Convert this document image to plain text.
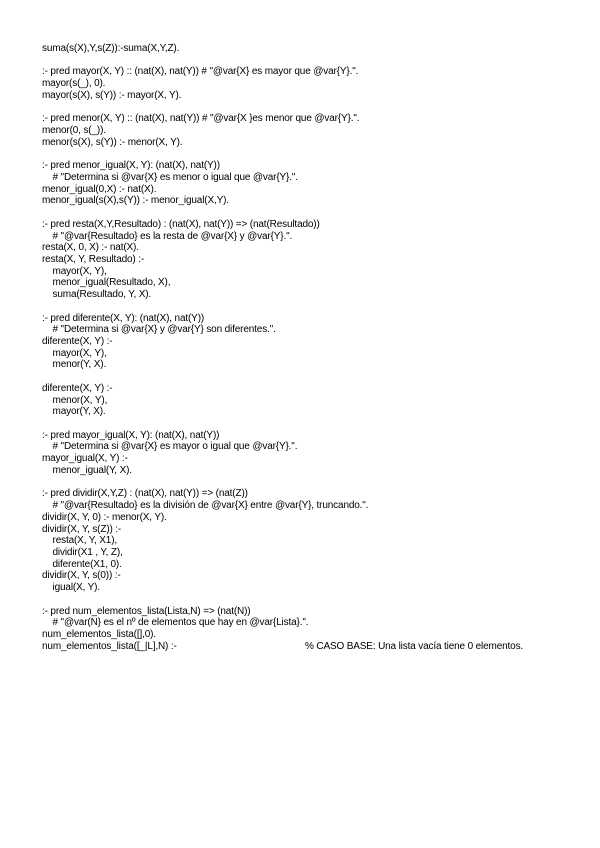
suma(s(X),Y,s(Z)):-suma(X,Y,Z).
:- pred mayor(X, Y) :: (nat(X), nat(Y)) # "@var{X} es mayor que @var{Y}.".
mayor(s(_), 0).
mayor(s(X), s(Y)) :- mayor(X, Y).
:- pred menor(X, Y) :: (nat(X), nat(Y)) # "@var{X }es menor que @var{Y}.".
menor(0, s(_)).
menor(s(X), s(Y)) :- menor(X, Y).
:- pred menor_igual(X, Y): (nat(X), nat(Y))
# "Determina si @var{X} es menor o igual que @var{Y}.".
menor_igual(0,X) :- nat(X).
menor_igual(s(X),s(Y)) :- menor_igual(X,Y).
:- pred resta(X,Y,Resultado) : (nat(X), nat(Y)) => (nat(Resultado))
# "@var{Resultado} es la resta de @var{X} y @var{Y}.".
resta(X, 0, X) :- nat(X).
resta(X, Y, Resultado) :-
mayor(X, Y),
menor_igual(Resultado, X),
suma(Resultado, Y, X).
:- pred diferente(X, Y): (nat(X), nat(Y))
# "Determina si @var{X} y @var{Y} son diferentes.".
diferente(X, Y) :-
mayor(X, Y),
menor(Y, X).
diferente(X, Y) :-
menor(X, Y),
mayor(Y, X).
:- pred mayor_igual(X, Y): (nat(X), nat(Y))
# "Determina si @var{X} es mayor o igual que @var{Y}.".
mayor_igual(X, Y) :-
menor_igual(Y, X).
:- pred dividir(X,Y,Z) : (nat(X), nat(Y)) => (nat(Z))
# "@var{Resultado} es la división de @var{X} entre @var{Y}, truncando.".
dividir(X, Y, 0) :- menor(X, Y).
dividir(X, Y, s(Z)) :-
resta(X, Y, X1),
dividir(X1 , Y, Z),
diferente(X1, 0).
dividir(X, Y, s(0)) :-
igual(X, Y).
:- pred num_elementos_lista(Lista,N) => (nat(N))
# "@var(N} es el nº de elementos que hay en @var{Lista}.".
num_elementos_lista([],0).
num_elementos_lista([_|L],N) :-	% CASO BASE: Una lista vacía tiene 0 elementos.
